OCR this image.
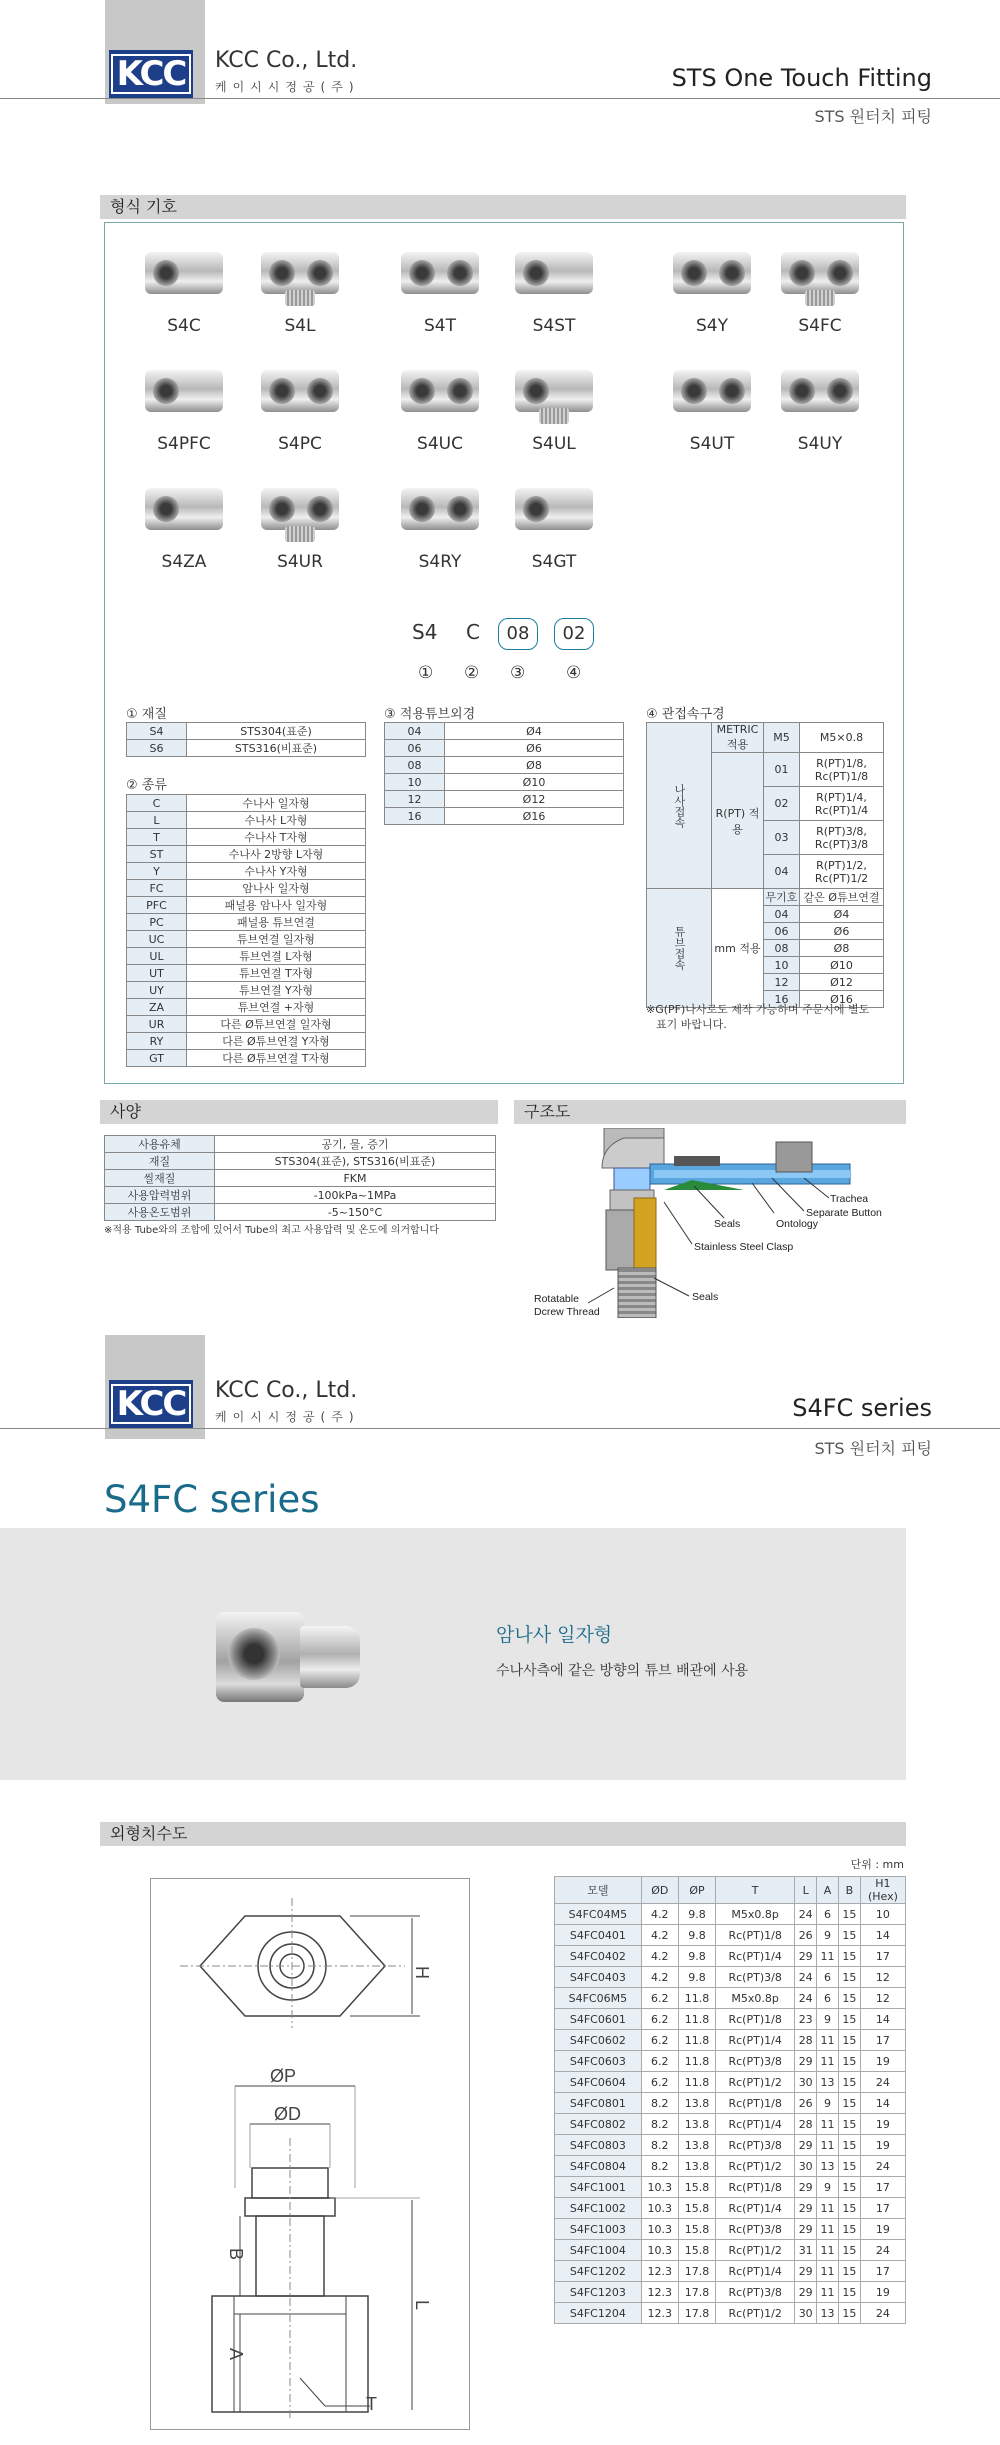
KCC KCC Co., Ltd.
케이시시정공(주)	STS One Touch Fitting
STS 원터치 피팅
형식 기호
S4C	S4L	S4T	S4ST	S4Y	S4FC
S4PFC	S4PC	S4UC	S4UL	S4UT	S4UY
S4ZA	S4UR	S4RY	S4GT
S4 C	08	02
① ② ③ ④
① 재질
S4	STS304(표준)
S6	STS316(비표준)
② 종류
C	수나사 일자형
L	수나사 L자형
T	수나사 T자형
ST	수나사 2방향 L자형
Y	수나사 Y자형
FC	암나사 일자형
PFC	패널용 암나사 일자형
PC	패널용 튜브연결
UC	튜브연결 일자형
UL	튜브연결 L자형
UT	튜브연결 T자형
UY	튜브연결 Y자형
ZA	튜브연결 +자형
UR	다른 Ø튜브연결 일자형
RY	다른 Ø튜브연결 Y자형
GT	다른 Ø튜브연결 T자형
③ 적용튜브외경
04	Ø4
06	Ø6
08	Ø8
10	Ø10
12	Ø12
16	Ø16
④ 관접속구경
나사접속	METRIC 적용	M5	M5×0.8
	R(PT) 적용	01	R(PT)1/8,
Rc(PT)1/8

		02	R(PT)1/4,
Rc(PT)1/4

		03	R(PT)3/8,
Rc(PT)3/8

		04	R(PT)1/2,
Rc(PT)1/2

튜브접속	mm 적용	무기호	같은 Ø튜브연결
		04	Ø4
		06	Ø6
		08	Ø8
		10	Ø10
		12	Ø12
		16	Ø16
※G(PF)나사로도 제작 가능하며 주문시에 별도
표기 바랍니다.
사양
사용유체	공기, 물, 증기
재질	STS304(표준), STS316(비표준)
씰재질	FKM
사용압력범위	-100kPa~1MPa
사용온도범위	-5~150°C
※적용 Tube와의 조합에 있어서 Tube의 최고 사용압력 및 온도에 의거합니다
구조도
Trachea
Separate Button
Seals	Ontology
Stainless Steel Clasp
Rotatable
Dcrew Thread
Seals
KCC KCC Co., Ltd.
케이시시정공(주)	S4FC series
STS 원터치 피팅
S4FC series
암나사 일자형
수나사측에 같은 방향의 튜브 배관에 사용
외형치수도
H
ØP
ØD
L
B
A
T
단위 : mm
모델	ØD	ØP	T	L	A	B	H1
(Hex)
S4FC04M5	4.2	9.8	M5x0.8p	24	6	15	10
S4FC0401	4.2	9.8	Rc(PT)1/8	26	9	15	14
S4FC0402	4.2	9.8	Rc(PT)1/4	29	11	15	17
S4FC0403	4.2	9.8	Rc(PT)3/8	24	6	15	12
S4FC06M5	6.2	11.8	M5x0.8p	24	6	15	12
S4FC0601	6.2	11.8	Rc(PT)1/8	23	9	15	14
S4FC0602	6.2	11.8	Rc(PT)1/4	28	11	15	17
S4FC0603	6.2	11.8	Rc(PT)3/8	29	11	15	19
S4FC0604	6.2	11.8	Rc(PT)1/2	30	13	15	24
S4FC0801	8.2	13.8	Rc(PT)1/8	26	9	15	14
S4FC0802	8.2	13.8	Rc(PT)1/4	28	11	15	19
S4FC0803	8.2	13.8	Rc(PT)3/8	29	11	15	19
S4FC0804	8.2	13.8	Rc(PT)1/2	30	13	15	24
S4FC1001	10.3	15.8	Rc(PT)1/8	29	9	15	17
S4FC1002	10.3	15.8	Rc(PT)1/4	29	11	15	17
S4FC1003	10.3	15.8	Rc(PT)3/8	29	11	15	19
S4FC1004	10.3	15.8	Rc(PT)1/2	31	11	15	24
S4FC1202	12.3	17.8	Rc(PT)1/4	29	11	15	17
S4FC1203	12.3	17.8	Rc(PT)3/8	29	11	15	19
S4FC1204	12.3	17.8	Rc(PT)1/2	30	13	15	24
